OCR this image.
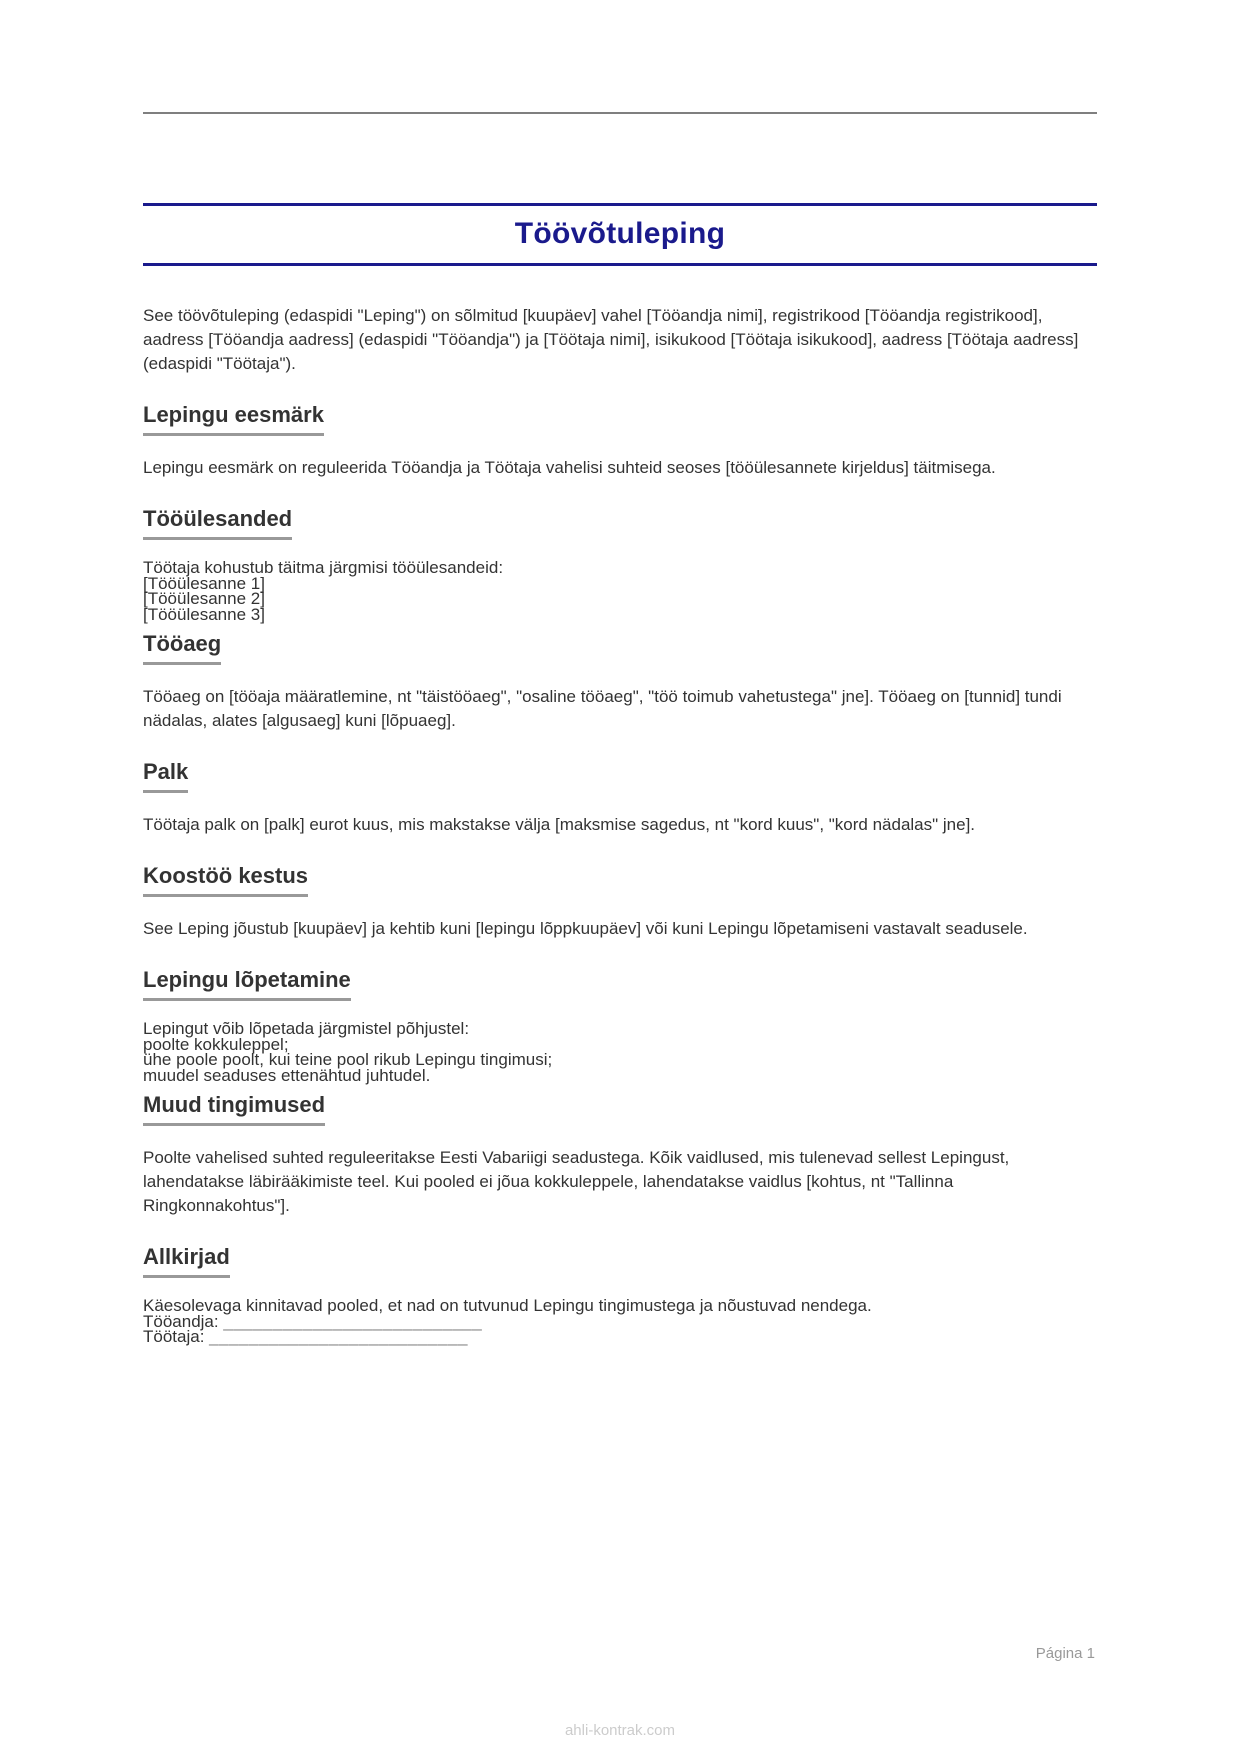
Töövõtuleping

See töövõtuleping (edaspidi "Leping") on sõlmitud [kuupäev] vahel [Tööandja nimi], registrikood [Tööandja registrikood], aadress [Tööandja aadress] (edaspidi "Tööandja") ja [Töötaja nimi], isikukood [Töötaja isikukood], aadress [Töötaja aadress] (edaspidi "Töötaja").

Lepingu eesmärk

Lepingu eesmärk on reguleerida Tööandja ja Töötaja vahelisi suhteid seoses [tööülesannete kirjeldus] täitmisega.

Tööülesanded
Töötaja kohustub täitma järgmisi tööülesandeid:
[Tööülesanne 1]
[Tööülesanne 2]
[Tööülesanne 3]
Tööaeg

Tööaeg on [tööaja määratlemine, nt "täistööaeg", "osaline tööaeg", "töö toimub vahetustega" jne]. Tööaeg on [tunnid] tundi nädalas, alates [algusaeg] kuni [lõpuaeg].

Palk

Töötaja palk on [palk] eurot kuus, mis makstakse välja [maksmise sagedus, nt "kord kuus", "kord nädalas" jne].

Koostöö kestus

See Leping jõustub [kuupäev] ja kehtib kuni [lepingu lõppkuupäev] või kuni Lepingu lõpetamiseni vastavalt seadusele.

Lepingu lõpetamine
Lepingut võib lõpetada järgmistel põhjustel:
poolte kokkuleppel;
ühe poole poolt, kui teine pool rikub Lepingu tingimusi;
muudel seaduses ettenähtud juhtudel.
Muud tingimused

Poolte vahelised suhted reguleeritakse Eesti Vabariigi seadustega. Kõik vaidlused, mis tulenevad sellest Lepingust, lahendatakse läbirääkimiste teel. Kui pooled ei jõua kokkuleppele, lahendatakse vaidlus [kohtus, nt "Tallinna Ringkonnakohtus"].

Allkirjad
Käesolevaga kinnitavad pooled, et nad on tutvunud Lepingu tingimustega ja nõustuvad nendega.
Tööandja: __________________________
Töötaja: __________________________
Página 1
ahli-kontrak.com
